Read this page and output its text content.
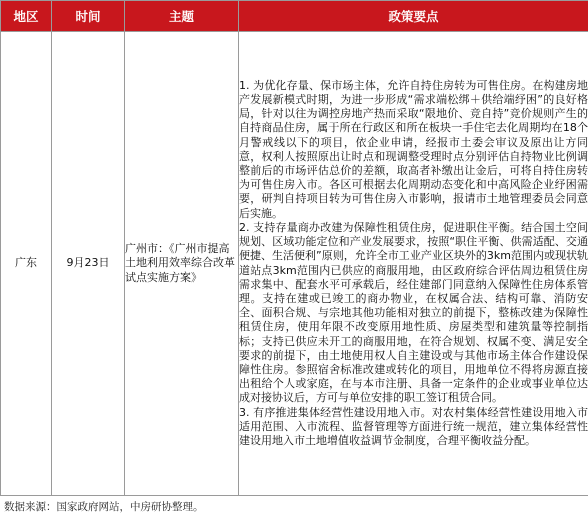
地区	时间	主题	政策要点
广东	9月23日	广州市：《广州市提高土地利用效率综合改革试点实施方案》	1. 为优化存量、保市场主体，允许自持住房转为可售住房。在构建房地产发展新模式时期，为进一步形成“需求端松绑＋供给端纾困”的良好格局，针对以往为调控房地产热而采取“限地价、竞自持”竞价规则产生的自持商品住房，属于所在行政区和所在板块一手住宅去化周期均在18个月警戒线以下的项目，依企业申请，经报市土委会审议及原出让方同意，权利人按照原出让时点和现调整受理时点分别评估自持物业比例调整前后的市场评估总价的差额，取高者补缴出让金后，可将自持住房转为可售住房入市。各区可根据去化周期动态变化和中高风险企业纾困需要，研判自持项目转为可售住房入市影响，报请市土地管理委员会同意后实施。

2. 支持存量商办改建为保障性租赁住房，促进职住平衡。结合国土空间规划、区域功能定位和产业发展要求，按照“职住平衡、供需适配、交通便捷、生活便利”原则，允许全市工业产业区块外的3km范围内或现状轨道站点3km范围内已供应的商服用地，由区政府综合评估周边租赁住房需求集中、配套水平可承载后，经住建部门同意纳入保障性住房体系管理。支持在建或已竣工的商办物业，在权属合法、结构可靠、消防安全、面积合规、与宗地其他功能相对独立的前提下，整栋改建为保障性租赁住房，使用年限不改变原用地性质、房屋类型和建筑量等控制指标；支持已供应未开工的商服用地，在符合规划、权属不变、满足安全要求的前提下，由土地使用权人自主建设或与其他市场主体合作建设保障性住房。参照宿舍标准改建或转化的项目，用地单位不得将房源直接出租给个人或家庭，在与本市注册、具备一定条件的企业或事业单位达成对接协议后，方可与单位安排的职工签订租赁合同。

3. 有序推进集体经营性建设用地入市。对农村集体经营性建设用地入市适用范围、入市流程、监督管理等方面进行统一规范，建立集体经营性建设用地入市土地增值收益调节金制度，合理平衡收益分配。

数据来源：国家政府网站，中房研协整理。
